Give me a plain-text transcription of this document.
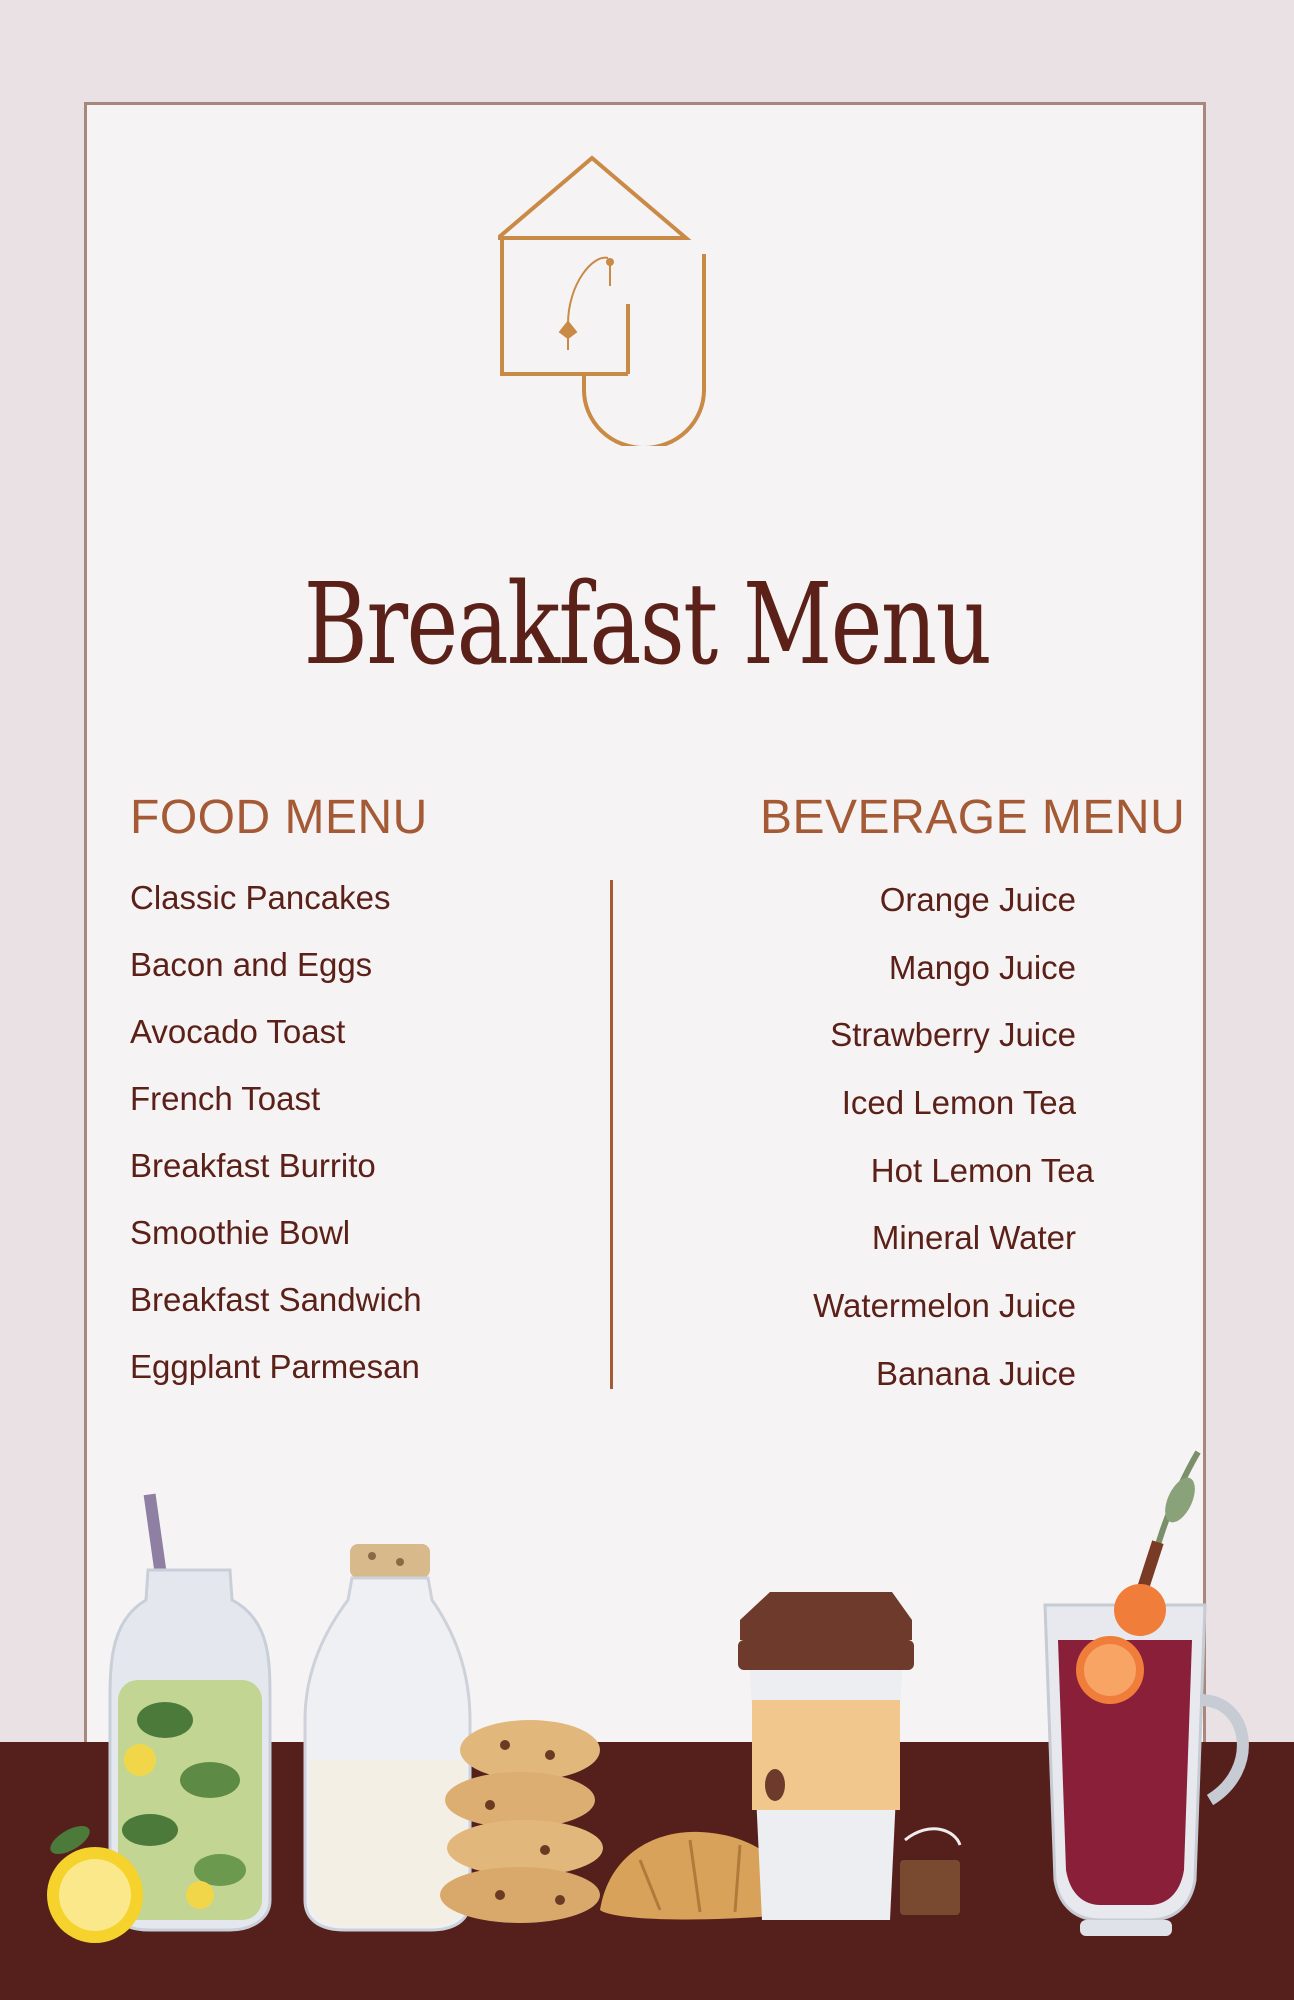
Breakfast Menu
FOOD MENU	BEVERAGE MENU
Classic Pancakes
Bacon and Eggs
Avocado Toast
French Toast
Breakfast Burrito
Smoothie Bowl
Breakfast Sandwich
Eggplant Parmesan
Orange Juice
Mango Juice
Strawberry Juice
Iced Lemon Tea
Hot Lemon Tea
Mineral Water
Watermelon Juice
Banana Juice
